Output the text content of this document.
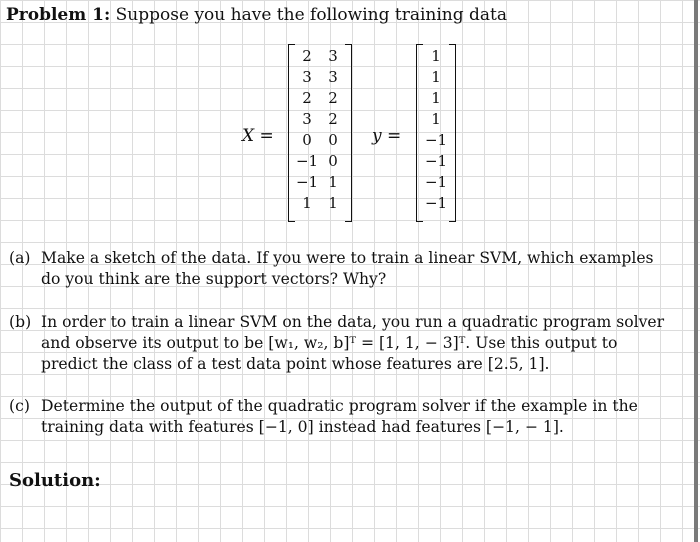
Problem 1: Suppose you have the following training data
X =
2	3
3	3
2	2
3	2
0	0
−1 0
−1 1
1	1
y =
1
1
1
1
−1
−1
−1
−1
(a) Make a sketch of the data. If you were to train a linear SVM, which examples
do you think are the support vectors? Why?
(b) In order to train a linear SVM on the data, you run a quadratic program solver
and observe its output to be [w₁, w₂, b]ᵀ = [1, 1, − 3]ᵀ. Use this output to
predict the class of a test data point whose features are [2.5, 1].
(c) Determine the output of the quadratic program solver if the example in the
training data with features [−1, 0] instead had features [−1, − 1].
Solution:
